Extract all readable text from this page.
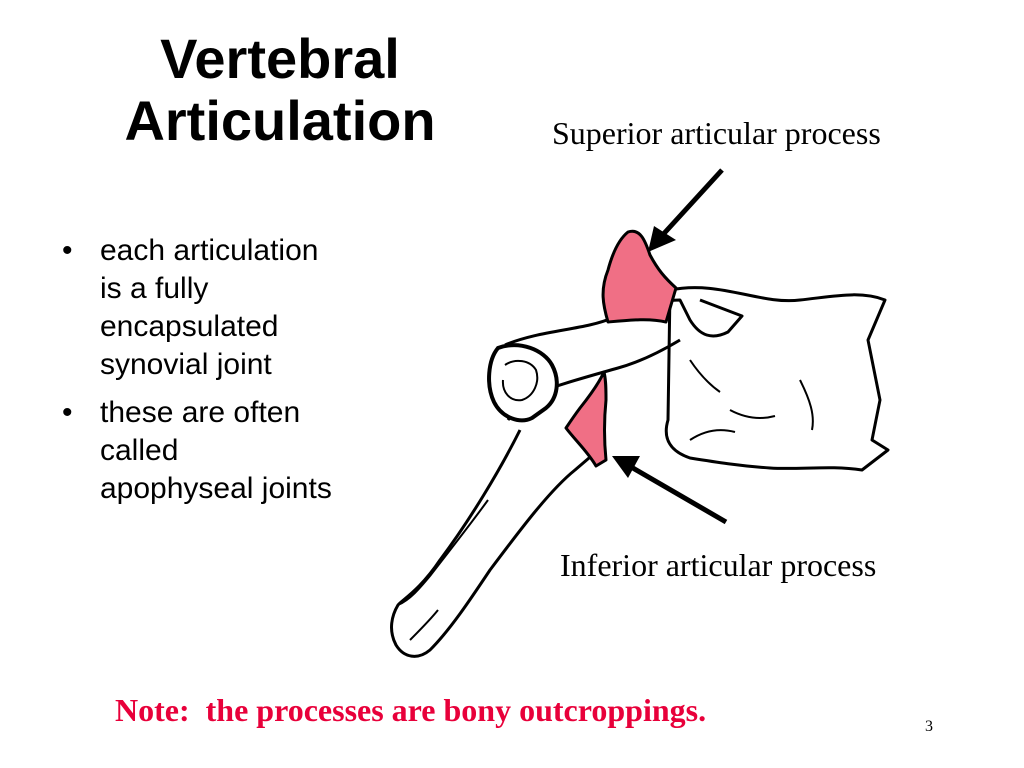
Vertebral
Articulation
• each articulation
is a fully
encapsulated
synovial joint
• these are often
called
apophyseal joints
Superior articular process
Inferior articular process
Note:  the processes are bony outcroppings.	3
